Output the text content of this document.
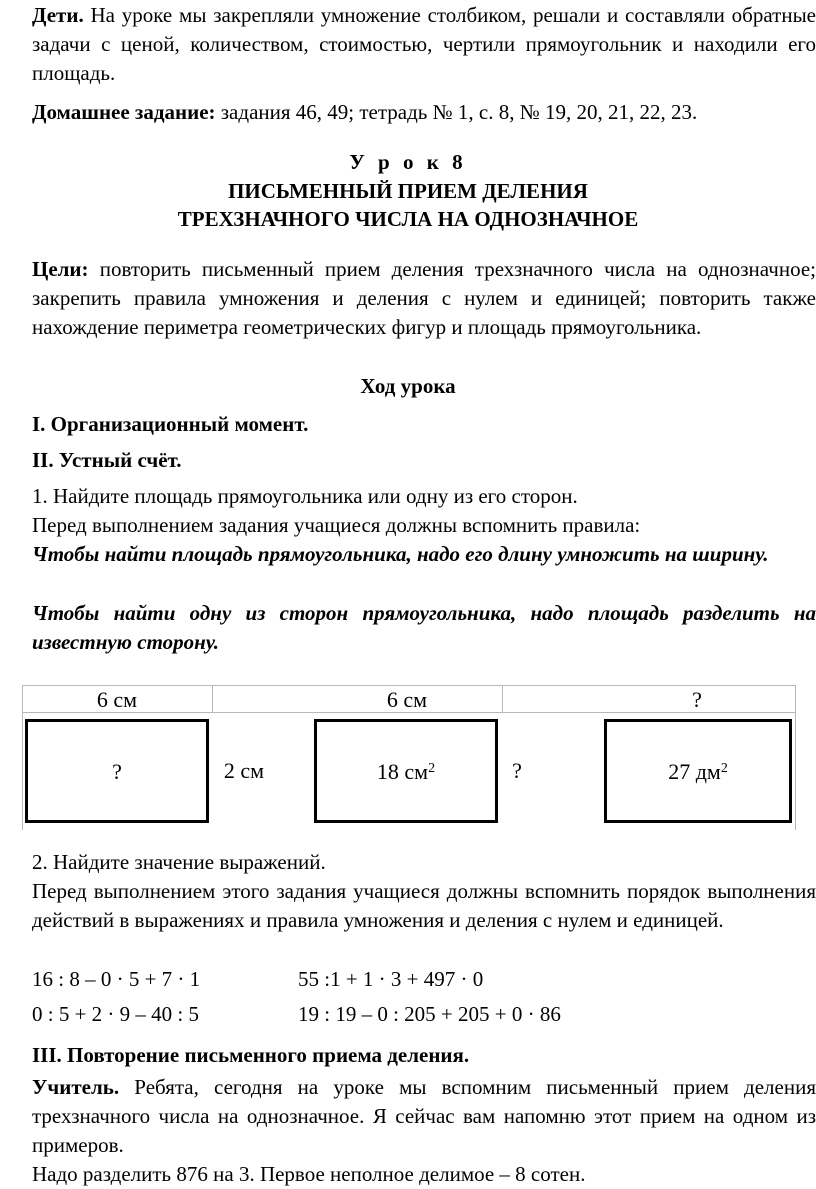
Дети. На уроке мы закрепляли умножение столбиком, решали и составляли обратные задачи с ценой, количеством, стоимостью, чертили прямоугольник и находили его площадь.

Домашнее задание: задания 46, 49; тетрадь № 1, с. 8, № 19, 20, 21, 22, 23.

У р о к 8

ПИСЬМЕННЫЙ ПРИЕМ ДЕЛЕНИЯ

ТРЕХЗНАЧНОГО ЧИСЛА НА ОДНОЗНАЧНОЕ

Цели: повторить письменный прием деления трехзначного числа на однозначное; закрепить правила умножения и деления с нулем и единицей; повторить также нахождение периметра геометрических фигур и площадь прямоугольника.

Ход урока

I. Организационный момент.

II. Устный счёт.

1. Найдите площадь прямоугольника или одну из его сторон.

Перед выполнением задания учащиеся должны вспомнить правила:

Чтобы найти площадь прямоугольника, надо его длину умножить на ширину.

Чтобы найти одну из сторон прямоугольника, надо площадь разделить на известную сторону.

6 см	6 см	?
?	2 см	18 $см^2$	?	27 $дм^2$

2. Найдите значение выражений.

Перед выполнением этого задания учащиеся должны вспомнить порядок выполнения действий в выражениях и правила умножения и деления с нулем и единицей.

16 : 8 – 0 · 5 + 7 · 1	55 :1 + 1 · 3 + 497 · 0
0 : 5 + 2 · 9 – 40 : 5	19 : 19 – 0 : 205 + 205 + 0 · 86

III. Повторение письменного приема деления.

Учитель. Ребята, сегодня на уроке мы вспомним письменный прием деления трехзначного числа на однозначное. Я сейчас вам напомню этот прием на одном из примеров.

Надо разделить 876 на 3. Первое неполное делимое – 8 сотен.
